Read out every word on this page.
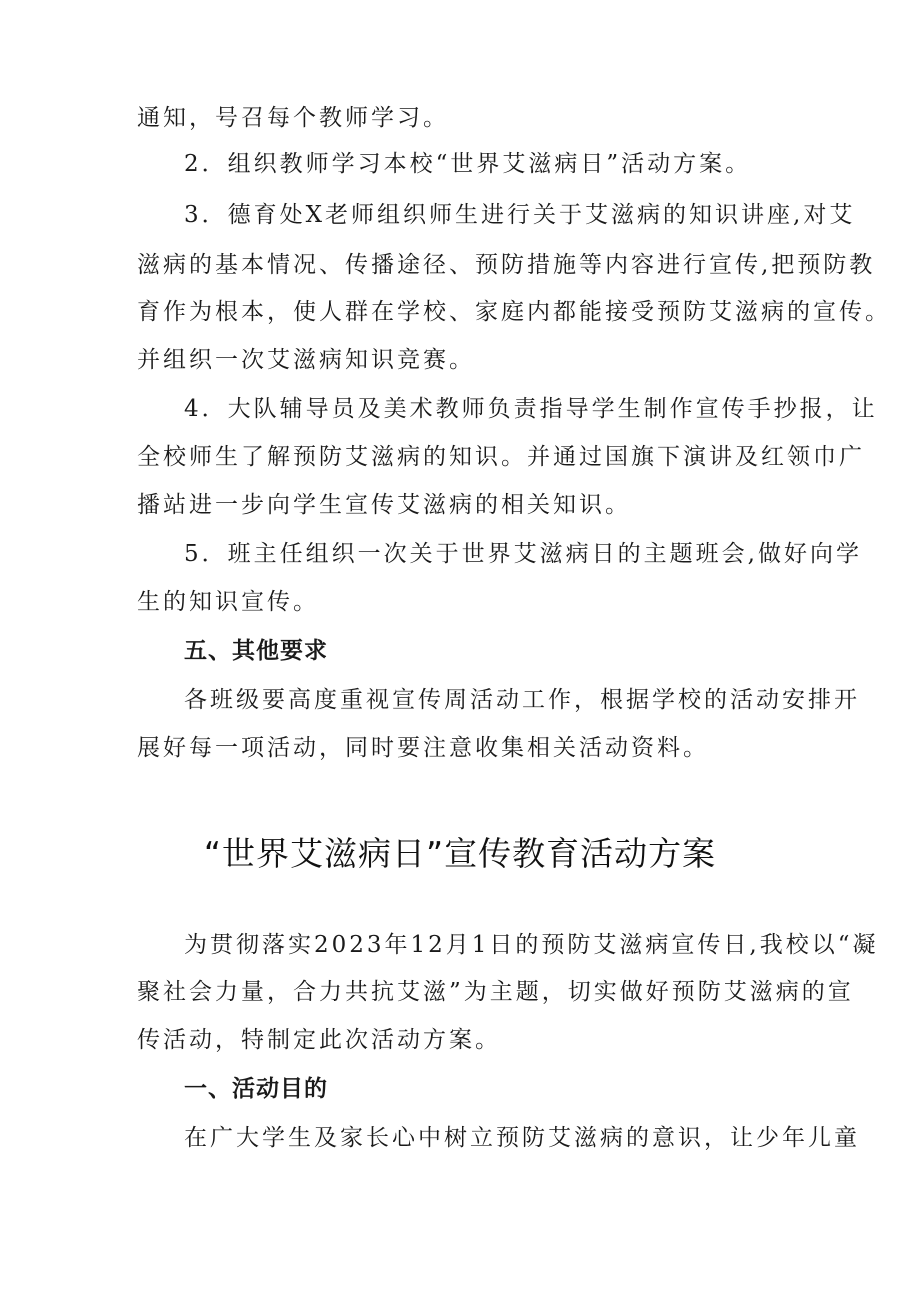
通知，号召每个教师学习。
2．组织教师学习本校“世界艾滋病日”活动方案。
3．德育处X老师组织师生进行关于艾滋病的知识讲座,对艾
滋病的基本情况、传播途径、预防措施等内容进行宣传,把预防教
育作为根本，使人群在学校、家庭内都能接受预防艾滋病的宣传。
并组织一次艾滋病知识竞赛。
4．大队辅导员及美术教师负责指导学生制作宣传手抄报，让
全校师生了解预防艾滋病的知识。并通过国旗下演讲及红领巾广
播站进一步向学生宣传艾滋病的相关知识。
5．班主任组织一次关于世界艾滋病日的主题班会,做好向学
生的知识宣传。
五、其他要求
各班级要高度重视宣传周活动工作，根据学校的活动安排开
展好每一项活动，同时要注意收集相关活动资料。
“世界艾滋病日”宣传教育活动方案
为贯彻落实2023年12月1日的预防艾滋病宣传日,我校以“凝
聚社会力量，合力共抗艾滋”为主题，切实做好预防艾滋病的宣
传活动，特制定此次活动方案。
一、活动目的
在广大学生及家长心中树立预防艾滋病的意识，让少年儿童
